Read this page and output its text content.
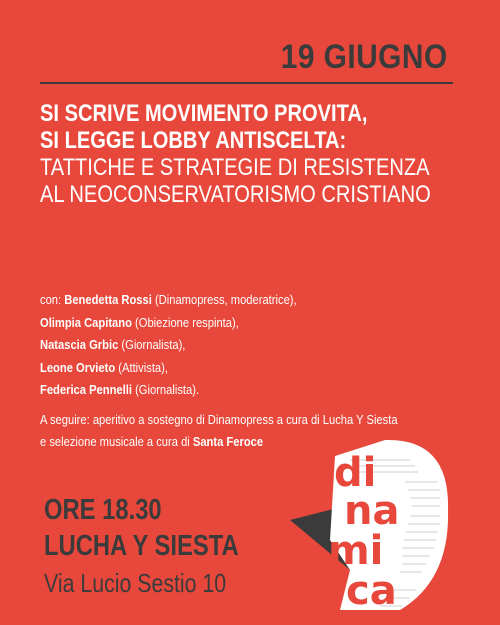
19 GIUGNO
SI SCRIVE MOVIMENTO PROVITA,
SI LEGGE LOBBY ANTISCELTA:
TATTICHE E STRATEGIE DI RESISTENZA
AL NEOCONSERVATORISMO CRISTIANO
con: Benedetta Rossi (Dinamopress, moderatrice),
Olimpia Capitano (Obiezione respinta),
Natascia Grbic (Giornalista),
Leone Orvieto (Attivista),
Federica Pennelli (Giornalista).
A seguire: aperitivo a sostegno di Dinamopress a cura di Lucha Y Siesta
e selezione musicale a cura di Santa Feroce
ORE 18.30
LUCHA Y SIESTA
Via Lucio Sestio 10
di
na
mi
ca
